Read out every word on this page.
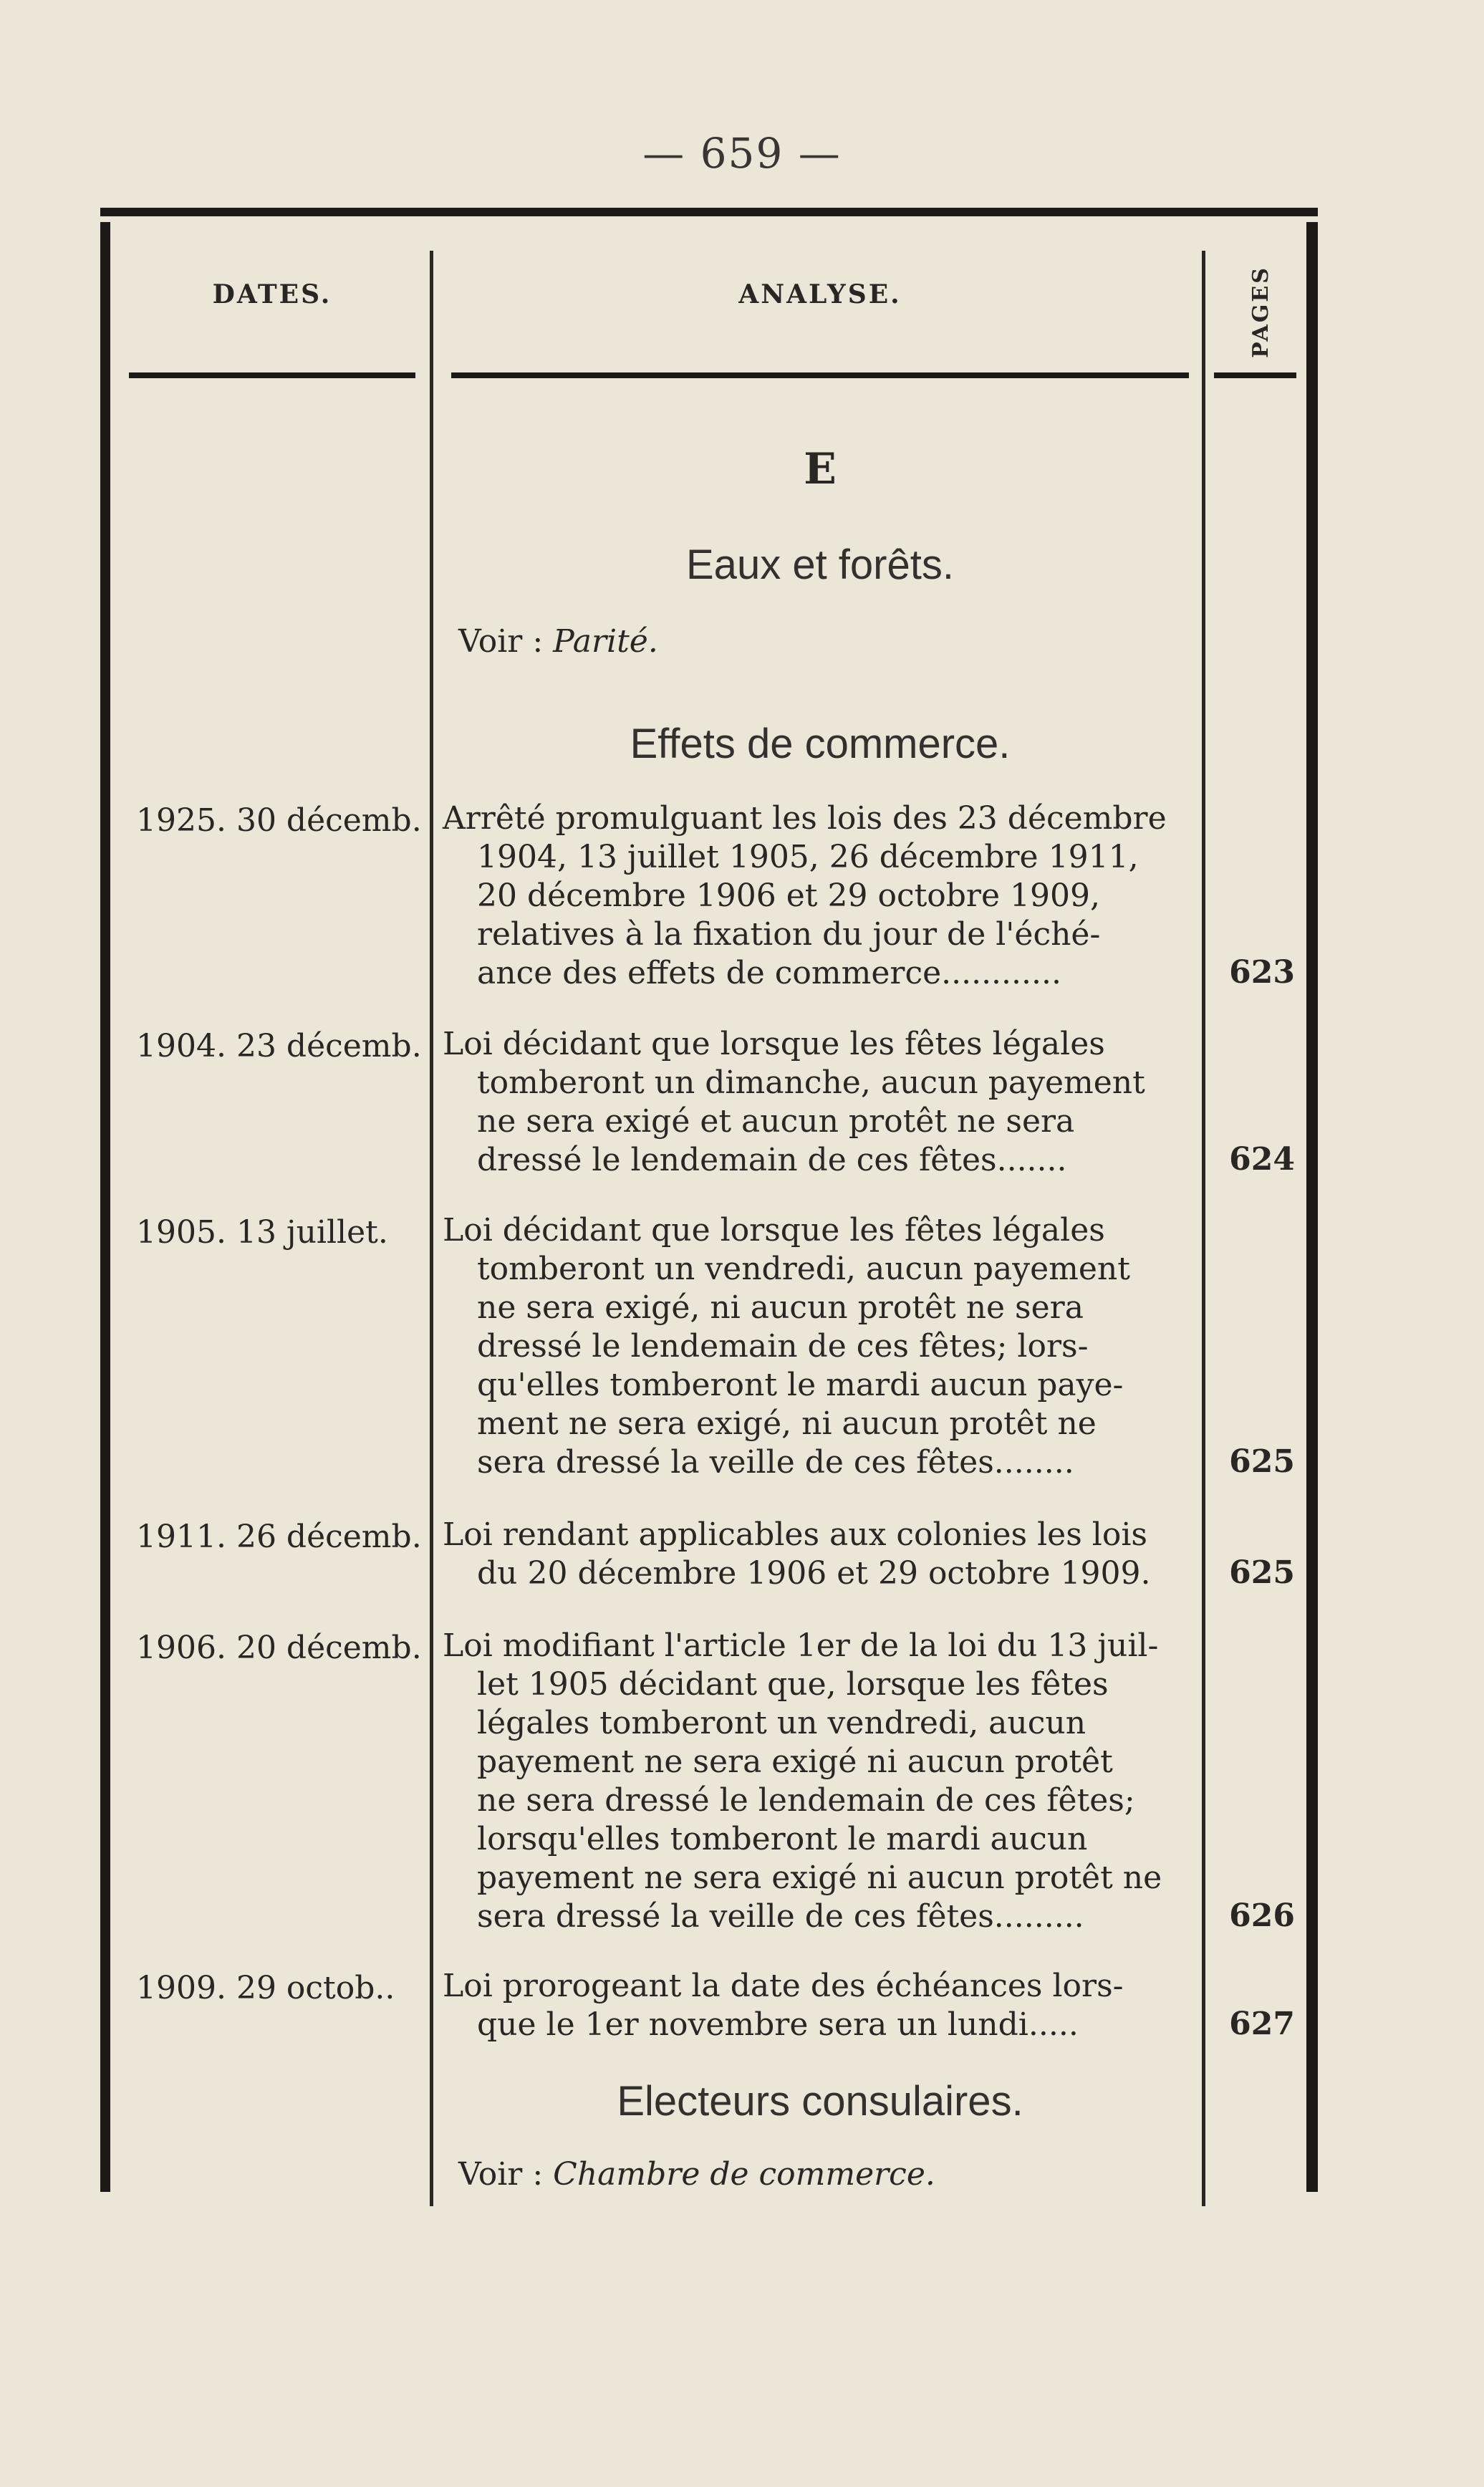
— 659 —
DATES.	ANALYSE.	PAGES
E
Eaux et forêts.
Voir : Parité.
Effets de commerce.
1925. 30 décemb. Arrêté promulguant les lois des 23 décembre
1904, 13 juillet 1905, 26 décembre 1911,
20 décembre 1906 et 29 octobre 1909,
relatives à la fixation du jour de l'éché-
ance des effets de commerce............	623
1904. 23 décemb. Loi décidant que lorsque les fêtes légales
tomberont un dimanche, aucun payement
ne sera exigé et aucun protêt ne sera
dressé le lendemain de ces fêtes.......	624
1905. 13 juillet.	Loi décidant que lorsque les fêtes légales
tomberont un vendredi, aucun payement
ne sera exigé, ni aucun protêt ne sera
dressé le lendemain de ces fêtes; lors-
qu'elles tomberont le mardi aucun paye-
ment ne sera exigé, ni aucun protêt ne
sera dressé la veille de ces fêtes........	625
1911. 26 décemb. Loi rendant applicables aux colonies les lois
du 20 décembre 1906 et 29 octobre 1909.	625
1906. 20 décemb. Loi modifiant l'article 1er de la loi du 13 juil-
let 1905 décidant que, lorsque les fêtes
légales tomberont un vendredi, aucun
payement ne sera exigé ni aucun protêt
ne sera dressé le lendemain de ces fêtes;
lorsqu'elles tomberont le mardi aucun
payement ne sera exigé ni aucun protêt ne
sera dressé la veille de ces fêtes.........	626
1909. 29 octob..	Loi prorogeant la date des échéances lors-
que le 1er novembre sera un lundi.....	627
Electeurs consulaires.
Voir : Chambre de commerce.
